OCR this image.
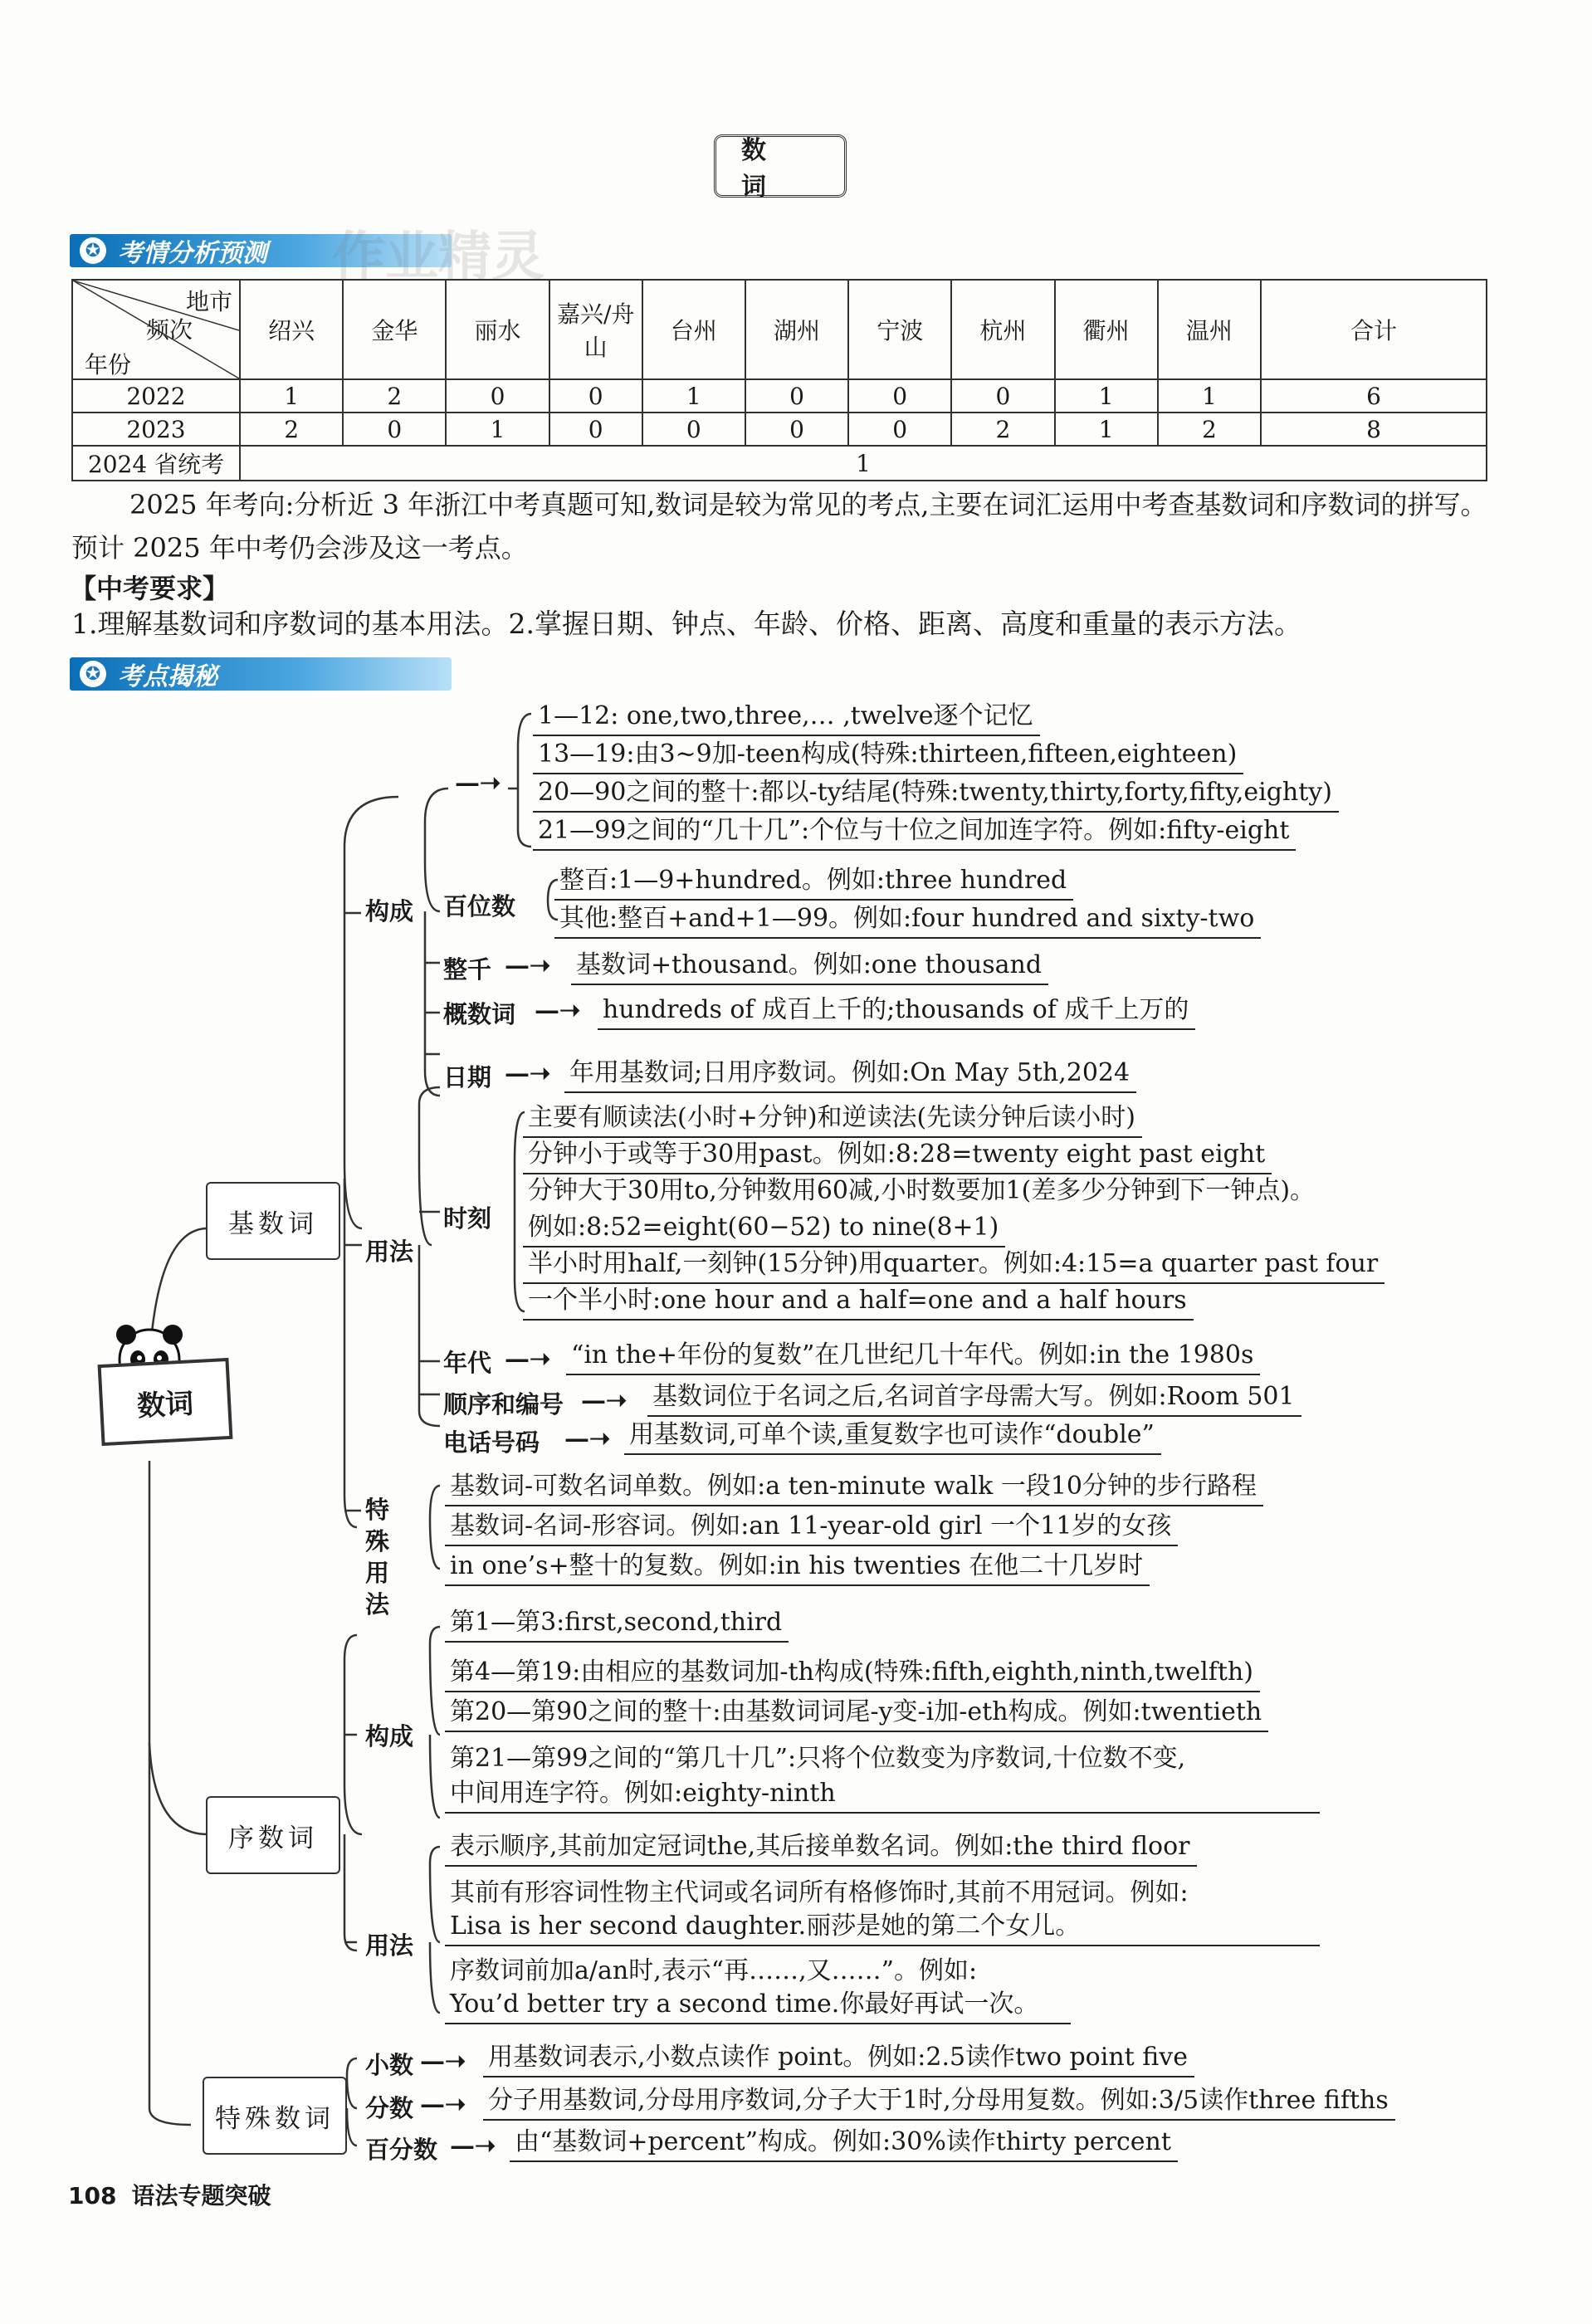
数 词
✪ 考情分析预测 作业精灵
地市
频次
年份	绍兴	金华	丽水	嘉兴/舟山	台州	湖州	宁波	杭州	衢州	温州	合计
2022	1	2	0	0	1	0	0	0	1	1	6
2023	2	0	1	0	0	0	0	2	1	2	8
2024 省统考	1										
2025 年考向:分析近 3 年浙江中考真题可知,数词是较为常见的考点,主要在词汇运用中考查基数词和序数词的拼写。预计 2025 年中考仍会涉及这一考点。
【中考要求】
1.理解基数词和序数词的基本用法。2.掌握日期、钟点、年龄、价格、距离、高度和重量的表示方法。
✪ 考点揭秘
数词
基数词
序数词
特殊数词
构成 百位数
整千
概数词
日期
用法
时刻
年代
顺序和编号
电话号码
特殊用法
构成
用法
小数
分数
百分数
—➝
—➝
—➝
—➝
—➝
—➝
—➝
—➝
—➝
—➝
1—12: one,two,three,… ,twelve逐个记忆
13—19:由3~9加-teen构成(特殊:thirteen,fifteen,eighteen)
20—90之间的整十:都以-ty结尾(特殊:twenty,thirty,forty,fifty,eighty)
21—99之间的“几十几”:个位与十位之间加连字符。例如:fifty-eight
整百:1—9+hundred。例如:three hundred
其他:整百+and+1—99。例如:four hundred and sixty-two
基数词+thousand。例如:one thousand
hundreds of 成百上千的;thousands of 成千上万的
年用基数词;日用序数词。例如:On May 5th,2024
主要有顺读法(小时+分钟)和逆读法(先读分钟后读小时)
分钟小于或等于30用past。例如:8:28=twenty eight past eight
分钟大于30用to,分钟数用60减,小时数要加1(差多少分钟到下一钟点)。
例如:8:52=eight(60−52) to nine(8+1)
半小时用half,一刻钟(15分钟)用quarter。例如:4:15=a quarter past four
一个半小时:one hour and a half=one and a half hours
“in the+年份的复数”在几世纪几十年代。例如:in the 1980s
基数词位于名词之后,名词首字母需大写。例如:Room 501
用基数词,可单个读,重复数字也可读作“double”
基数词-可数名词单数。例如:a ten-minute walk 一段10分钟的步行路程
基数词-名词-形容词。例如:an 11-year-old girl 一个11岁的女孩
in one’s+整十的复数。例如:in his twenties 在他二十几岁时
第1—第3:first,second,third
第4—第19:由相应的基数词加-th构成(特殊:fifth,eighth,ninth,twelfth)
第20—第90之间的整十:由基数词词尾-y变-i加-eth构成。例如:twentieth
第21—第99之间的“第几十几”:只将个位数变为序数词,十位数不变,
中间用连字符。例如:eighty-ninth
表示顺序,其前加定冠词the,其后接单数名词。例如:the third floor
其前有形容词性物主代词或名词所有格修饰时,其前不用冠词。例如:
Lisa is her second daughter.丽莎是她的第二个女儿。
序数词前加a/an时,表示“再……,又……”。例如:
You’d better try a second time.你最好再试一次。
用基数词表示,小数点读作 point。例如:2.5读作two point five
分子用基数词,分母用序数词,分子大于1时,分母用复数。例如:3/5读作three fifths
由“基数词+percent”构成。例如:30%读作thirty percent
108 语法专题突破
